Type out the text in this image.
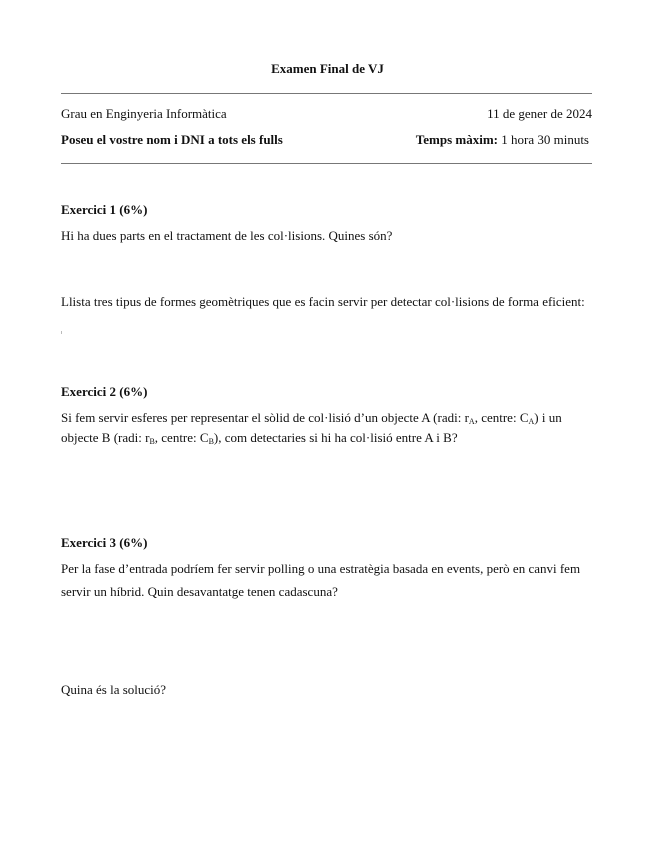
Examen Final de VJ
Grau en Enginyeria Informàtica	11 de gener de 2024
Poseu el vostre nom i DNI a tots els fulls	Temps màxim: 1 hora 30 minuts
Exercici 1 (6%)
Hi ha dues parts en el tractament de les col·lisions. Quines són?
Llista tres tipus de formes geomètriques que es facin servir per detectar col·lisions de forma eficient:
Exercici 2 (6%)

Si fem servir esferes per representar el sòlid de col·lisió d’un objecte A (radi: $r_A$, centre: $C_A$) i un objecte B (radi: $r_B$, centre: $C_B$), com detectaries si hi ha col·lisió entre A i B?

Exercici 3 (6%)
Per la fase d’entrada podríem fer servir polling o una estratègia basada en events, però en canvi fem
servir un híbrid. Quin desavantatge tenen cadascuna?
Quina és la solució?
